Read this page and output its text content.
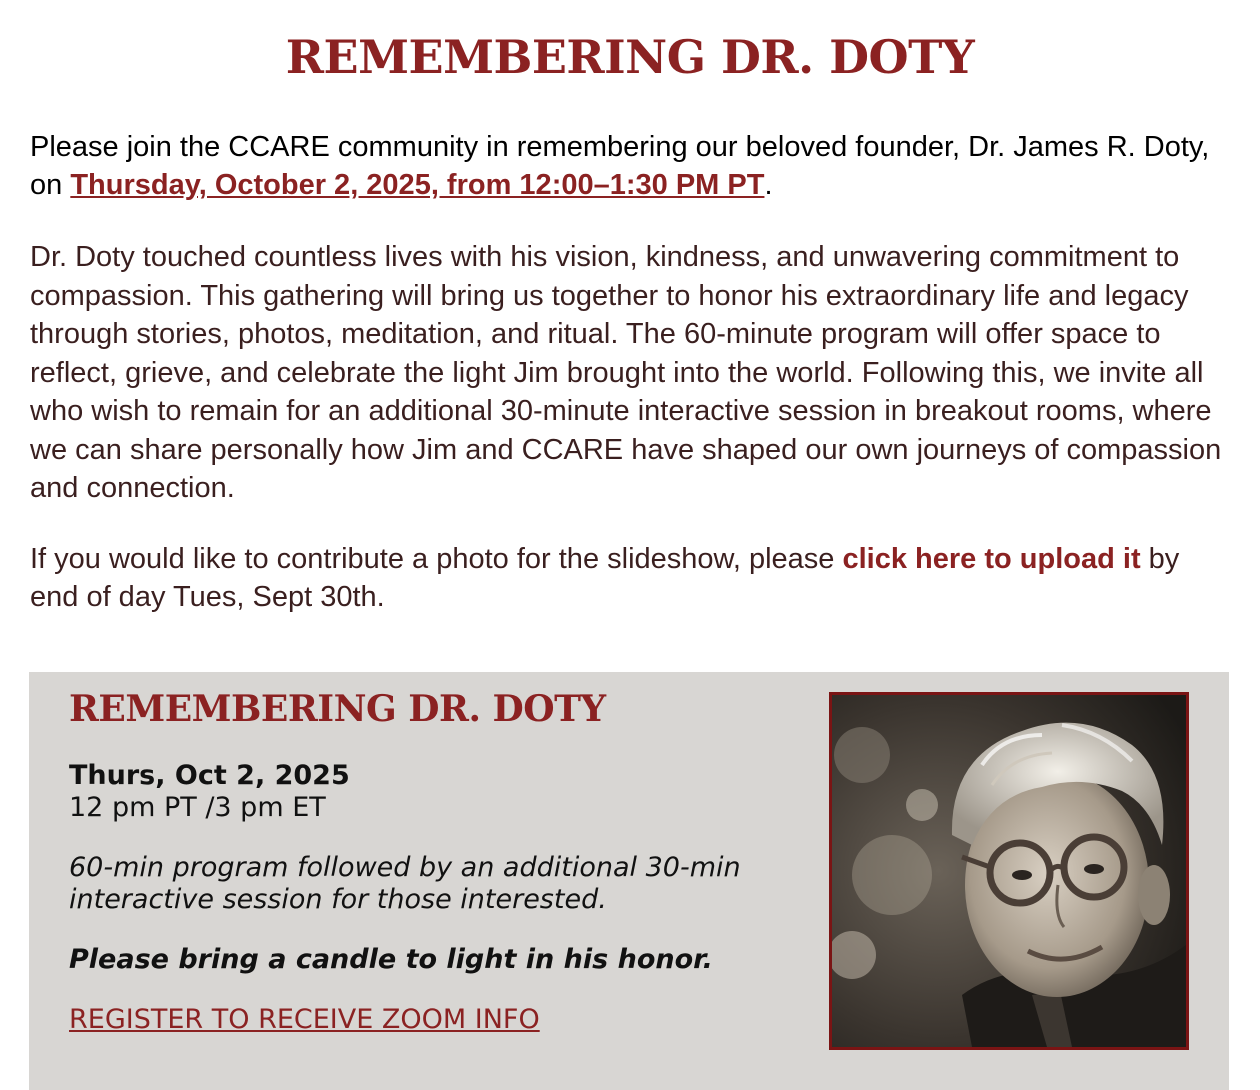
REMEMBERING DR. DOTY

Please join the CCARE community in remembering our beloved founder, Dr. James R. Doty, on Thursday, October 2, 2025, from 12:00–1:30 PM PT.

Dr. Doty touched countless lives with his vision, kindness, and unwavering commitment to compassion. This gathering will bring us together to honor his extraordinary life and legacy through stories, photos, meditation, and ritual. The 60-minute program will offer space to reflect, grieve, and celebrate the light Jim brought into the world. Following this, we invite all who wish to remain for an additional 30-minute interactive session in breakout rooms, where we can share personally how Jim and CCARE have shaped our own journeys of compassion and connection.

If you would like to contribute a photo for the slideshow, please click here to upload it by end of day Tues, Sept 30th.

REMEMBERING DR. DOTY

Thurs, Oct 2, 2025

12 pm PT /3 pm ET

60-min program followed by an additional 30-min interactive session for those interested.

Please bring a candle to light in his honor.

REGISTER TO RECEIVE ZOOM INFO
